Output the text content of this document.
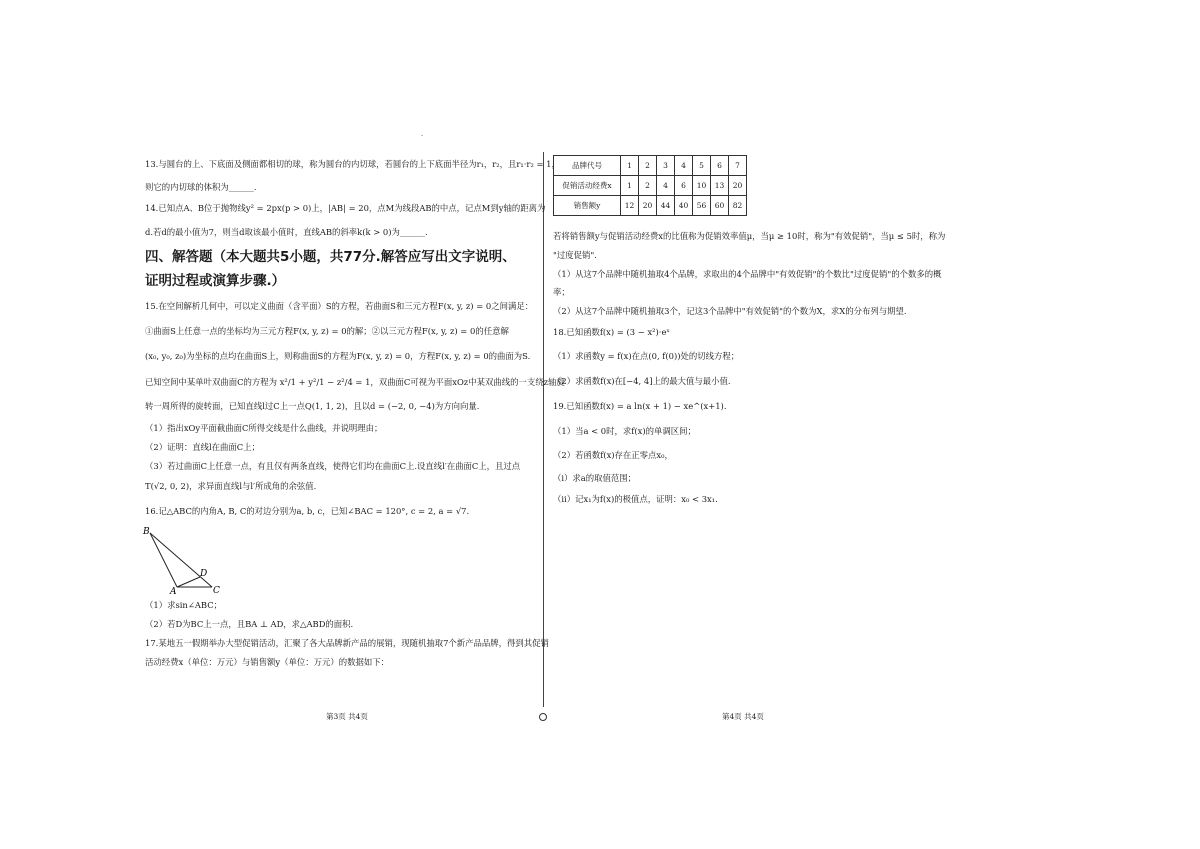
13.与圆台的上、下底面及侧面都相切的球，称为圆台的内切球，若圆台的上下底面半径为r₁，r₂，且r₁·r₂ = 1，
则它的内切球的体积为______.
14.已知点A、B位于抛物线y² = 2px(p > 0)上，|AB| = 20，点M为线段AB的中点，记点M到y轴的距离为
d.若d的最小值为7，则当d取该最小值时，直线AB的斜率k(k > 0)为______.
四、解答题（本大题共5小题，共77分.解答应写出文字说明、
证明过程或演算步骤.）
15.在空间解析几何中，可以定义曲面（含平面）S的方程，若曲面S和三元方程F(x, y, z) = 0之间满足：
①曲面S上任意一点的坐标均为三元方程F(x, y, z) = 0的解；②以三元方程F(x, y, z) = 0的任意解
(x₀, y₀, z₀)为坐标的点均在曲面S上，则称曲面S的方程为F(x, y, z) = 0，方程F(x, y, z) = 0的曲面为S.
已知空间中某单叶双曲面C的方程为 x²/1 + y²/1 − z²/4 = 1，双曲面C可视为平面xOz中某双曲线的一支绕z轴旋
转一周所得的旋转面，已知直线l过C上一点Q(1, 1, 2)，且以d = (−2, 0, −4)为方向向量.
（1）指出xOy平面截曲面C所得交线是什么曲线，并说明理由；
（2）证明：直线l在曲面C上；
（3）若过曲面C上任意一点，有且仅有两条直线，使得它们均在曲面C上.设直线l′在曲面C上，且过点
T(√2, 0, 2)，求异面直线l与l′所成角的余弦值.
16.记△ABC的内角A, B, C的对边分别为a, b, c，已知∠BAC = 120°, c = 2, a = √7.
B
D
A	C
（1）求sin∠ABC；
（2）若D为BC上一点，且BA ⊥ AD，求△ABD的面积.
17.某地五一假期举办大型促销活动，汇聚了各大品牌新产品的展销，现随机抽取7个新产品品牌，得到其促销
活动经费x（单位：万元）与销售额y（单位：万元）的数据如下：
第3页 共4页
品牌代号	1	2	3	4	5	6	7
促销活动经费x	1	2	4	6	10	13	20
销售额y	12	20	44	40	56	60	82
若将销售额y与促销活动经费x的比值称为促销效率值μ，当μ ≥ 10时，称为"有效促销"，当μ ≤ 5时，称为
"过度促销".
（1）从这7个品牌中随机抽取4个品牌，求取出的4个品牌中"有效促销"的个数比"过度促销"的个数多的概
率；
（2）从这7个品牌中随机抽取3个，记这3个品牌中"有效促销"的个数为X，求X的分布列与期望.
18.已知函数f(x) = (3 − x²)·eˣ
（1）求函数y = f(x)在点(0, f(0))处的切线方程；
（2）求函数f(x)在[−4, 4]上的最大值与最小值.
19.已知函数f(x) = a ln(x + 1) − xe^(x+1).
（1）当a < 0时，求f(x)的单调区间；
（2）若函数f(x)存在正零点x₀，
（i）求a的取值范围；
（ii）记x₁为f(x)的极值点，证明：x₀ < 3x₁.
第4页 共4页
